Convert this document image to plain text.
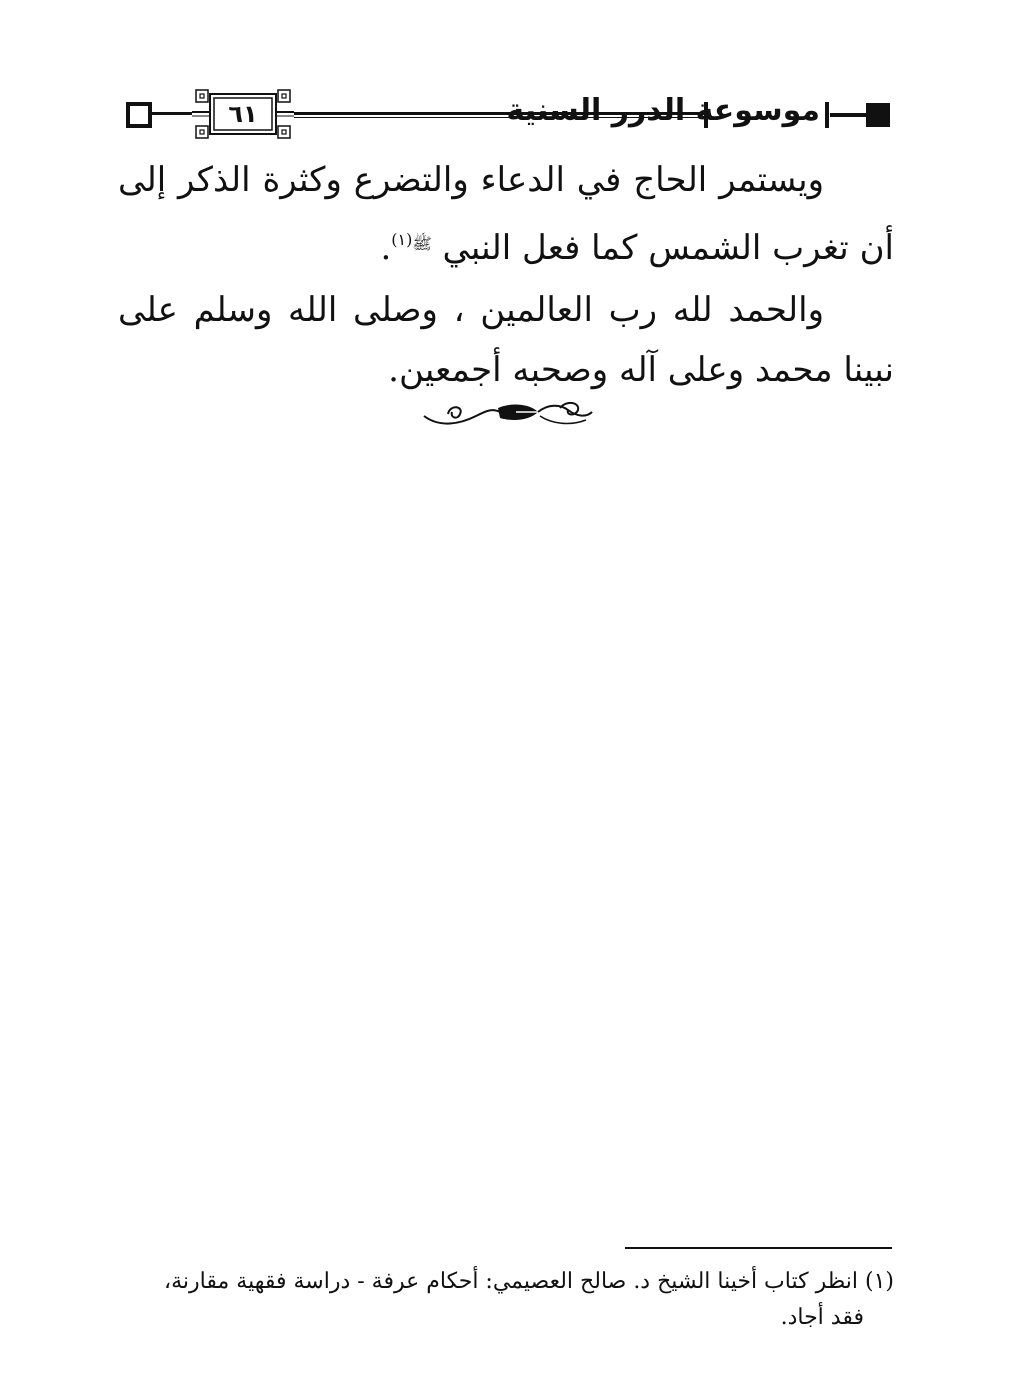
٦١	موسوعة الدرر السنية

ويستمر الحاج في الدعاء والتضرع وكثرة الذكر إلى أن تغرب الشمس كما فعل النبي $^{ﷺ(١)}$.

والحمد لله رب العالمين ، وصلى الله وسلم على نبينا محمد وعلى آله وصحبه أجمعين.

(١) انظر كتاب أخينا الشيخ د. صالح العصيمي: أحكام عرفة - دراسة فقهية مقارنة،

فقد أجاد.
